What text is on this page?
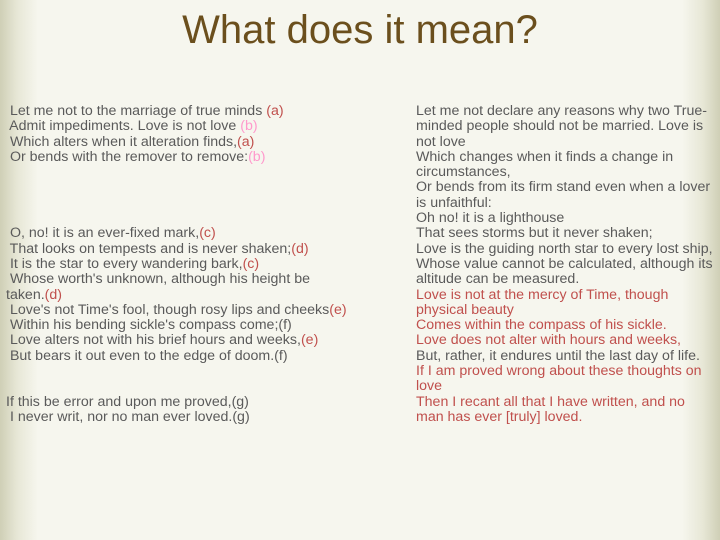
What does it mean?
Let me not to the marriage of true minds (a)
Admit impediments. Love is not love (b)
Which alters when it alteration finds,(a)
Or bends with the remover to remove:(b)
O, no! it is an ever-fixed mark,(c)
That looks on tempests and is never shaken;(d)
It is the star to every wandering bark,(c)
Whose worth's unknown, although his height be
taken.(d)
Love's not Time's fool, though rosy lips and cheeks(e)
Within his bending sickle's compass come;(f)
Love alters not with his brief hours and weeks,(e)
But bears it out even to the edge of doom.(f)
If this be error and upon me proved,(g)
I never writ, nor no man ever loved.(g)
Let me not declare any reasons why two True-minded people should not be married. Love is not love
Which changes when it finds a change in circumstances,
Or bends from its firm stand even when a lover is unfaithful:
Oh no! it is a lighthouse
That sees storms but it never shaken;
Love is the guiding north star to every lost ship,
Whose value cannot be calculated, although its altitude can be measured.
Love is not at the mercy of Time, though physical beauty
Comes within the compass of his sickle.
Love does not alter with hours and weeks,
But, rather, it endures until the last day of life.
If I am proved wrong about these thoughts on love
Then I recant all that I have written, and no man has ever [truly] loved.
